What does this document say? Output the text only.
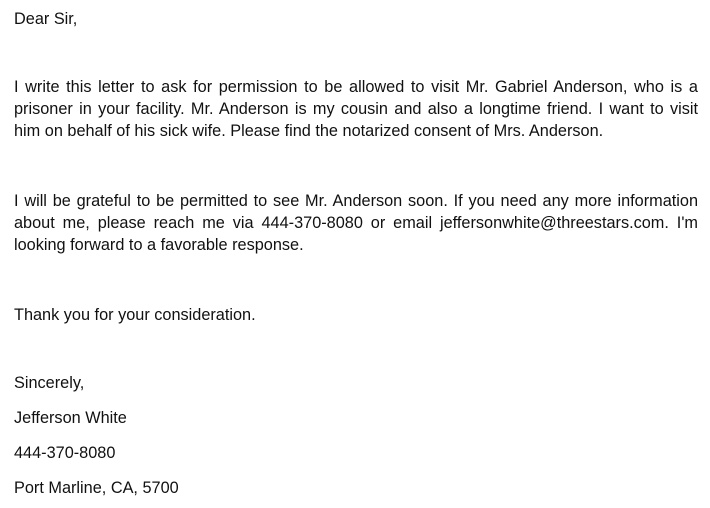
Dear Sir,

I write this letter to ask for permission to be allowed to visit Mr. Gabriel Anderson, who is a prisoner in your facility. Mr. Anderson is my cousin and also a longtime friend. I want to visit him on behalf of his sick wife. Please find the notarized consent of Mrs. Anderson.

I will be grateful to be permitted to see Mr. Anderson soon. If you need any more information about me, please reach me via 444-370-8080 or email jeffersonwhite@threestars.com. I'm looking forward to a favorable response.

Thank you for your consideration.

Sincerely,

Jefferson White

444-370-8080

Port Marline, CA, 5700
